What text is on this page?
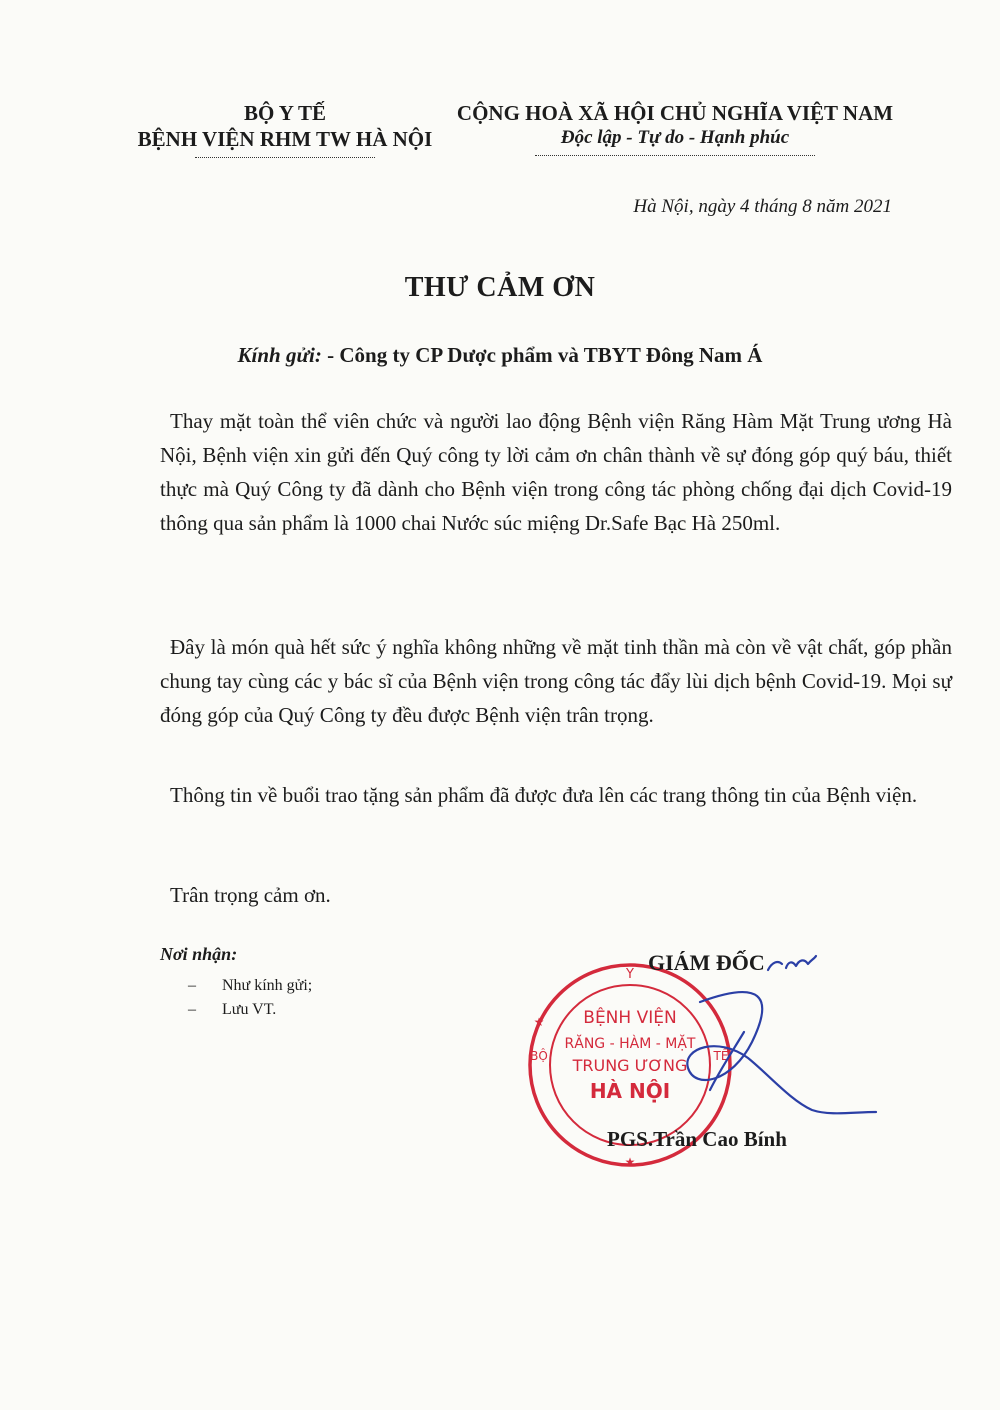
BỘ Y TẾ
BỆNH VIỆN RHM TW HÀ NỘI
CỘNG HOÀ XÃ HỘI CHỦ NGHĨA VIỆT NAM
Độc lập - Tự do - Hạnh phúc
Hà Nội, ngày 4 tháng 8 năm 2021
THƯ CẢM ƠN
Kính gửi: - Công ty CP Dược phẩm và TBYT Đông Nam Á

Thay mặt toàn thể viên chức và người lao động Bệnh viện Răng Hàm Mặt Trung ương Hà Nội, Bệnh viện xin gửi đến Quý công ty lời cảm ơn chân thành về sự đóng góp quý báu, thiết thực mà Quý Công ty đã dành cho Bệnh viện trong công tác phòng chống đại dịch Covid-19 thông qua sản phẩm là 1000 chai Nước súc miệng Dr.Safe Bạc Hà 250ml.

Đây là món quà hết sức ý nghĩa không những về mặt tinh thần mà còn về vật chất, góp phần chung tay cùng các y bác sĩ của Bệnh viện trong công tác đẩy lùi dịch bệnh Covid-19. Mọi sự đóng góp của Quý Công ty đều được Bệnh viện trân trọng.

Thông tin về buổi trao tặng sản phẩm đã được đưa lên các trang thông tin của Bệnh viện.

Trân trọng cảm ơn.

Nơi nhận:
– Như kính gửi;
– Lưu VT.
Y
BỘ	TẾ
★
★
BỆNH VIỆN
RĂNG - HÀM - MẶT
TRUNG ƯƠNG
HÀ NỘI
GIÁM ĐỐC
PGS.Trần Cao Bính
